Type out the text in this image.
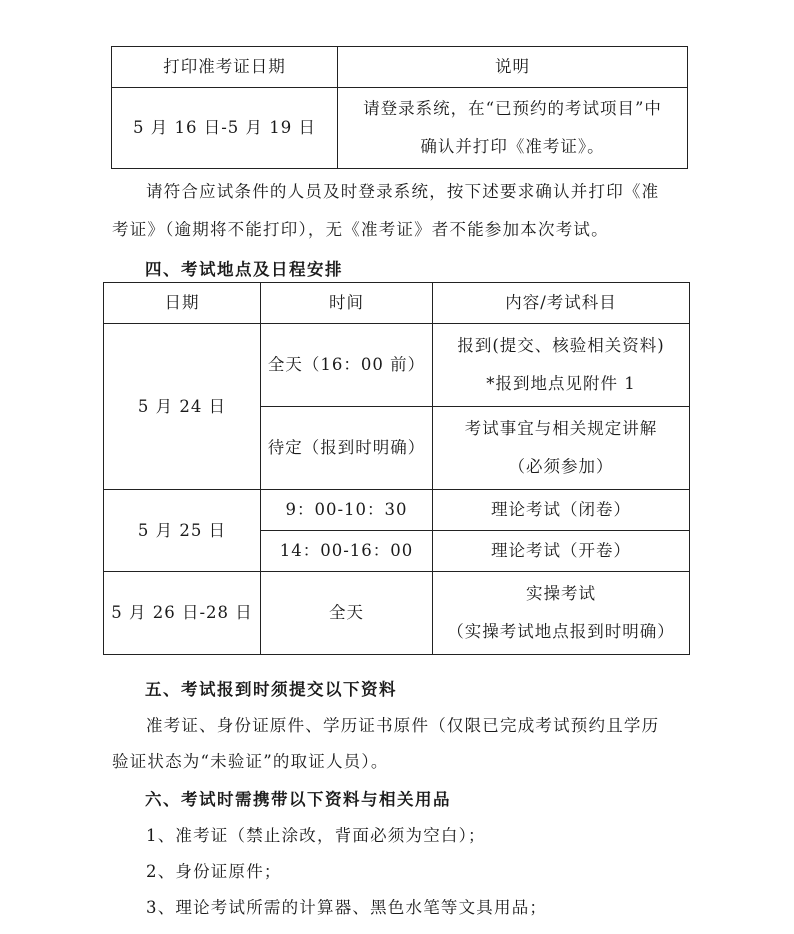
打印准考证日期	说明
5 月 16 日-5 月 19 日	请登录系统，在“已预约的考试项目”中
确认并打印《准考证》。
请符合应试条件的人员及时登录系统，按下述要求确认并打印《准
考证》（逾期将不能打印），无《准考证》者不能参加本次考试。
四、考试地点及日程安排
日期	时间	内容/考试科目
5 月 24 日	全天（16：00 前）	报到(提交、核验相关资料)
*报到地点见附件 1

	待定（报到时明确）	考试事宜与相关规定讲解
（必须参加）

5 月 25 日	9：00-10：30	理论考试（闭卷）
	14：00-16：00	理论考试（开卷）
5 月 26 日-28 日	全天	实操考试
（实操考试地点报到时明确）
五、考试报到时须提交以下资料
准考证、身份证原件、学历证书原件（仅限已完成考试预约且学历
验证状态为“未验证”的取证人员）。
六、考试时需携带以下资料与相关用品
1、准考证（禁止涂改，背面必须为空白）；
2、身份证原件；
3、理论考试所需的计算器、黑色水笔等文具用品；
